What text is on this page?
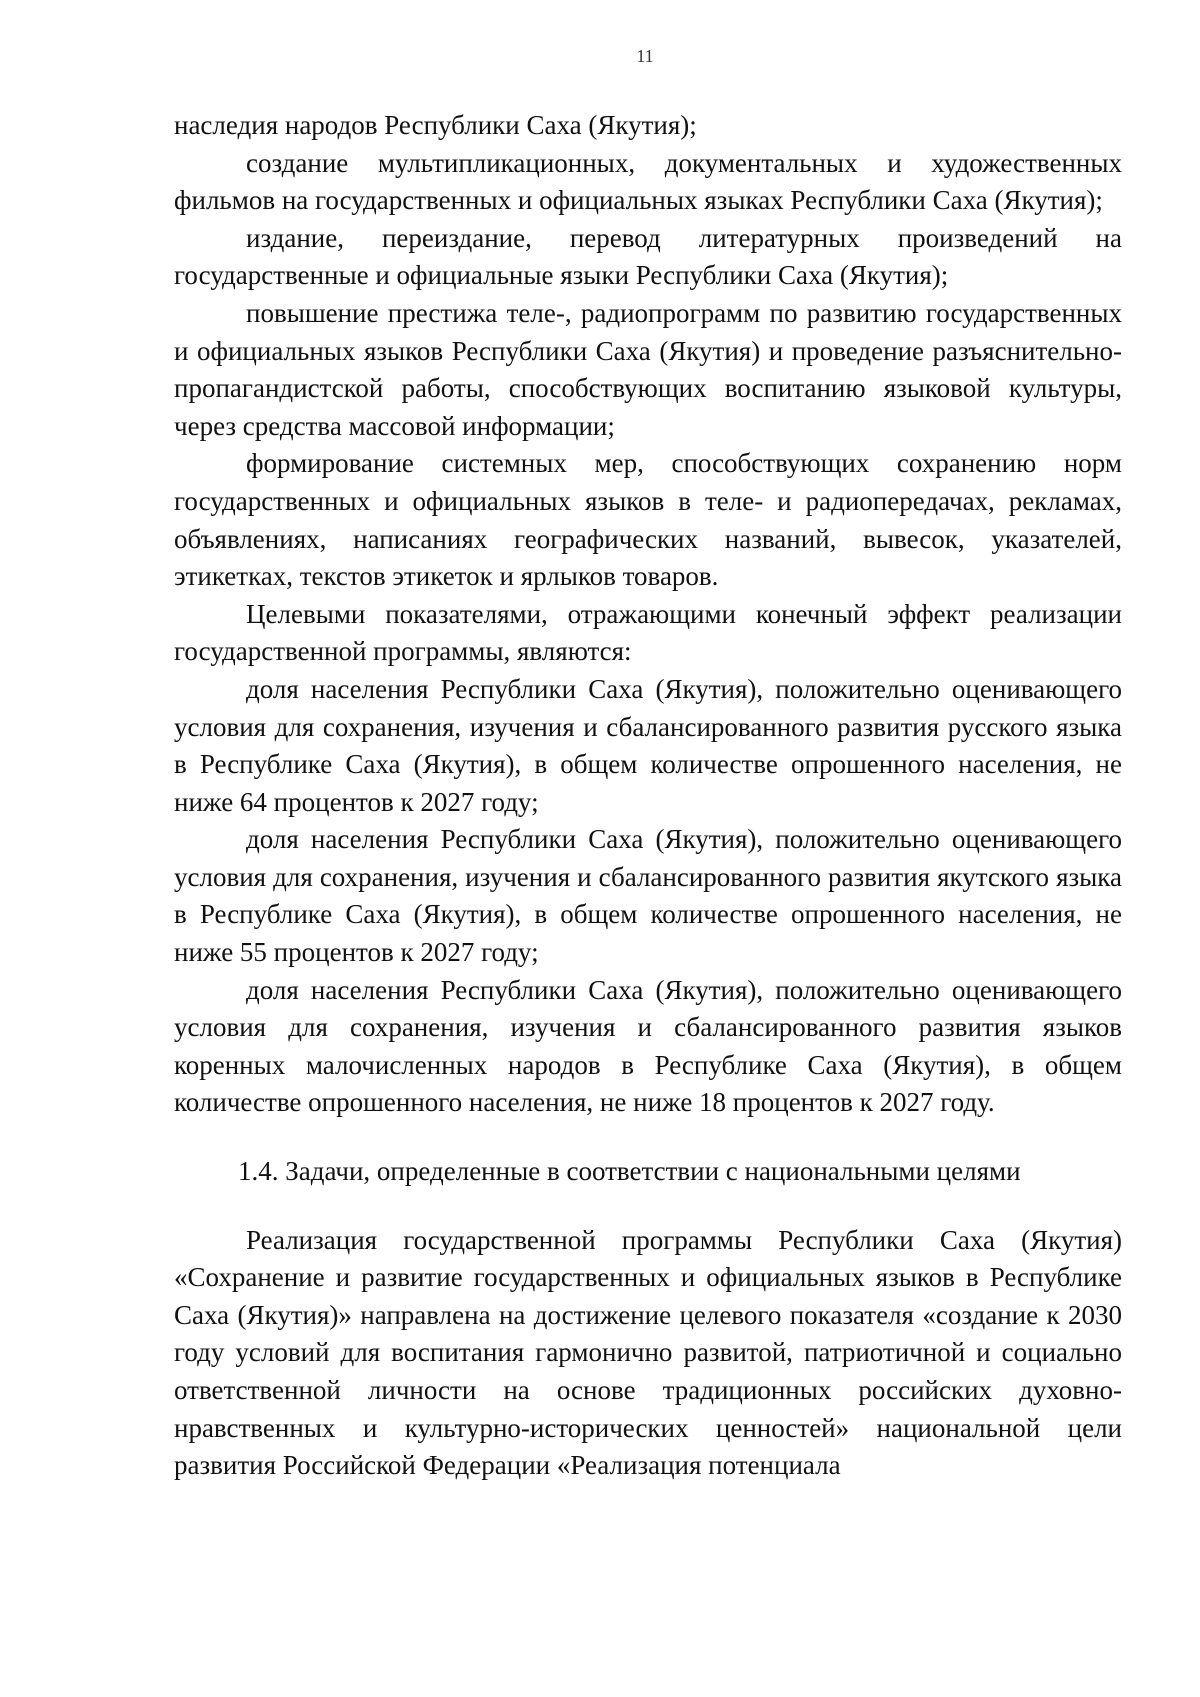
11

наследия народов Республики Саха (Якутия);

создание мультипликационных, документальных и художественных фильмов на государственных и официальных языках Республики Саха (Якутия);

издание, переиздание, перевод литературных произведений на государственные и официальные языки Республики Саха (Якутия);

повышение престижа теле-, радиопрограмм по развитию государственных и официальных языков Республики Саха (Якутия) и проведение разъяснительно-пропагандистской работы, способствующих воспитанию языковой культуры, через средства массовой информации;

формирование системных мер, способствующих сохранению норм государственных и официальных языков в теле- и радиопередачах, рекламах, объявлениях, написаниях географических названий, вывесок, указателей, этикетках, текстов этикеток и ярлыков товаров.

Целевыми показателями, отражающими конечный эффект реализации государственной программы, являются:

доля населения Республики Саха (Якутия), положительно оценивающего условия для сохранения, изучения и сбалансированного развития русского языка в Республике Саха (Якутия), в общем количестве опрошенного населения, не ниже 64 процентов к 2027 году;

доля населения Республики Саха (Якутия), положительно оценивающего условия для сохранения, изучения и сбалансированного развития якутского языка в Республике Саха (Якутия), в общем количестве опрошенного населения, не ниже 55 процентов к 2027 году;

доля населения Республики Саха (Якутия), положительно оценивающего условия для сохранения, изучения и сбалансированного развития языков коренных малочисленных народов в Республике Саха (Якутия), в общем количестве опрошенного населения, не ниже 18 процентов к 2027 году.

1.4. Задачи, определенные в соответствии с национальными целями

Реализация государственной программы Республики Саха (Якутия) «Сохранение и развитие государственных и официальных языков в Республике Саха (Якутия)» направлена на достижение целевого показателя «создание к 2030 году условий для воспитания гармонично развитой, патриотичной и социально ответственной личности на основе традиционных российских духовно-нравственных и культурно-исторических ценностей» национальной цели развития Российской Федерации «Реализация потенциала
